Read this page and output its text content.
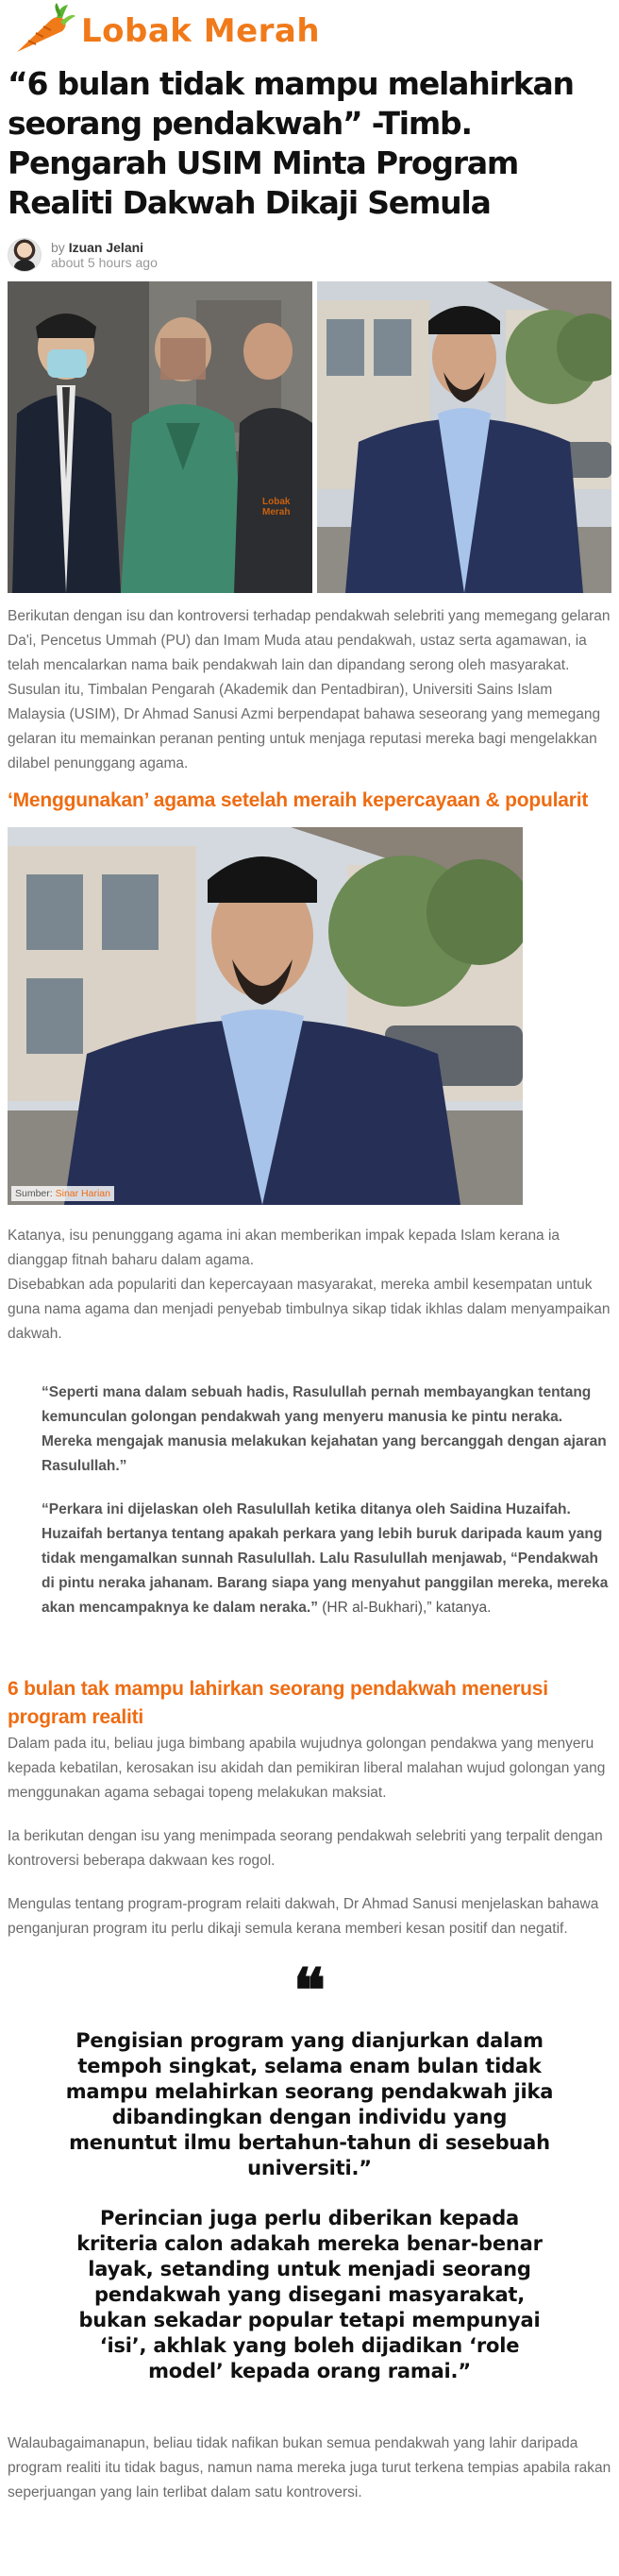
Lobak Merah
“6 bulan tidak mampu melahirkan seorang pendakwah” -Timb. Pengarah USIM Minta Program Realiti Dakwah Dikaji Semula
by Izuan Jelani
about 5 hours ago
Lobak Merah

Berikutan dengan isu dan kontroversi terhadap pendakwah selebriti yang memegang gelaran Da'i, Pencetus Ummah (PU) dan Imam Muda atau pendakwah, ustaz serta agamawan, ia telah mencalarkan nama baik pendakwah lain dan dipandang serong oleh masyarakat.

Susulan itu, Timbalan Pengarah (Akademik dan Pentadbiran), Universiti Sains Islam Malaysia (USIM), Dr Ahmad Sanusi Azmi berpendapat bahawa seseorang yang memegang gelaran itu memainkan peranan penting untuk menjaga reputasi mereka bagi mengelakkan dilabel penunggang agama.

‘Menggunakan’ agama setelah meraih kepercayaan & popularit
Sumber: Sinar Harian

Katanya, isu penunggang agama ini akan memberikan impak kepada Islam kerana ia dianggap fitnah baharu dalam agama.

Disebabkan ada populariti dan kepercayaan masyarakat, mereka ambil kesempatan untuk guna nama agama dan menjadi penyebab timbulnya sikap tidak ikhlas dalam menyampaikan dakwah.

“Seperti mana dalam sebuah hadis, Rasulullah pernah membayangkan tentang kemunculan golongan pendakwah yang menyeru manusia ke pintu neraka. Mereka mengajak manusia melakukan kejahatan yang bercanggah dengan ajaran Rasulullah.”

“Perkara ini dijelaskan oleh Rasulullah ketika ditanya oleh Saidina Huzaifah. Huzaifah bertanya tentang apakah perkara yang lebih buruk daripada kaum yang tidak mengamalkan sunnah Rasulullah. Lalu Rasulullah menjawab, “Pendakwah di pintu neraka jahanam. Barang siapa yang menyahut panggilan mereka, mereka akan mencampaknya ke dalam neraka.” (HR al-Bukhari),” katanya.

6 bulan tak mampu lahirkan seorang pendakwah menerusi program realiti

Dalam pada itu, beliau juga bimbang apabila wujudnya golongan pendakwa yang menyeru kepada kebatilan, kerosakan isu akidah dan pemikiran liberal malahan wujud golongan yang menggunakan agama sebagai topeng melakukan maksiat.

Ia berikutan dengan isu yang menimpada seorang pendakwah selebriti yang terpalit dengan kontroversi beberapa dakwaan kes rogol.

Mengulas tentang program-program relaiti dakwah, Dr Ahmad Sanusi menjelaskan bahawa penganjuran program itu perlu dikaji semula kerana memberi kesan positif dan negatif.

❝

Pengisian program yang dianjurkan dalam tempoh singkat, selama enam bulan tidak mampu melahirkan seorang pendakwah jika dibandingkan dengan individu yang menuntut ilmu bertahun-tahun di sesebuah universiti.”

Perincian juga perlu diberikan kepada kriteria calon adakah mereka benar-benar layak, setanding untuk menjadi seorang pendakwah yang disegani masyarakat, bukan sekadar popular tetapi mempunyai ‘isi’, akhlak yang boleh dijadikan ‘role model’ kepada orang ramai.”

Walaubagaimanapun, beliau tidak nafikan bukan semua pendakwah yang lahir daripada program realiti itu tidak bagus, namun nama mereka juga turut terkena tempias apabila rakan seperjuangan yang lain terlibat dalam satu kontroversi.
